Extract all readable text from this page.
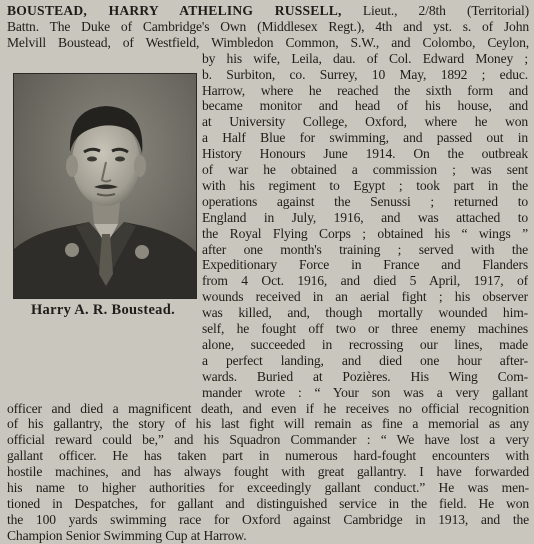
BOUSTEAD, HARRY ATHELING RUSSELL, Lieut., 2/8th (Territorial)
Battn. The Duke of Cambridge's Own (Middlesex Regt.), 4th and yst. s. of John
Melvill Boustead, of Westfield, Wimbledon Common, S.W., and Colombo, Ceylon,
by his wife, Leila, dau. of Col. Edward Money ;
b. Surbiton, co. Surrey, 10 May, 1892 ; educ.
Harrow, where he reached the sixth form and
became monitor and head of his house, and
at University College, Oxford, where he won
a Half Blue for swimming, and passed out in
History Honours June 1914. On the outbreak
of war he obtained a commission ; was sent
with his regiment to Egypt ; took part in the
operations against the Senussi ; returned to
England in July, 1916, and was attached to
the Royal Flying Corps ; obtained his “ wings ”
after one month's training ; served with the
Expeditionary Force in France and Flanders
from 4 Oct. 1916, and died 5 April, 1917, of
wounds received in an aerial fight ; his observer
was killed, and, though mortally wounded him-
self, he fought off two or three enemy machines
alone, succeeded in recrossing our lines, made
a perfect landing, and died one hour after-
wards. Buried at Pozières. His Wing Com-
mander wrote : “ Your son was a very gallant
officer and died a magnificent death, and even if he receives no official recognition
of his gallantry, the story of his last fight will remain as fine a memorial as any
official reward could be,” and his Squadron Commander : “ We have lost a very
gallant officer. He has taken part in numerous hard-fought encounters with
hostile machines, and has always fought with great gallantry. I have forwarded
his name to higher authorities for exceedingly gallant conduct.” He was men-
tioned in Despatches, for gallant and distinguished service in the field. He won
the 100 yards swimming race for Oxford against Cambridge in 1913, and the
Champion Senior Swimming Cup at Harrow.
Harry A. R. Boustead.
